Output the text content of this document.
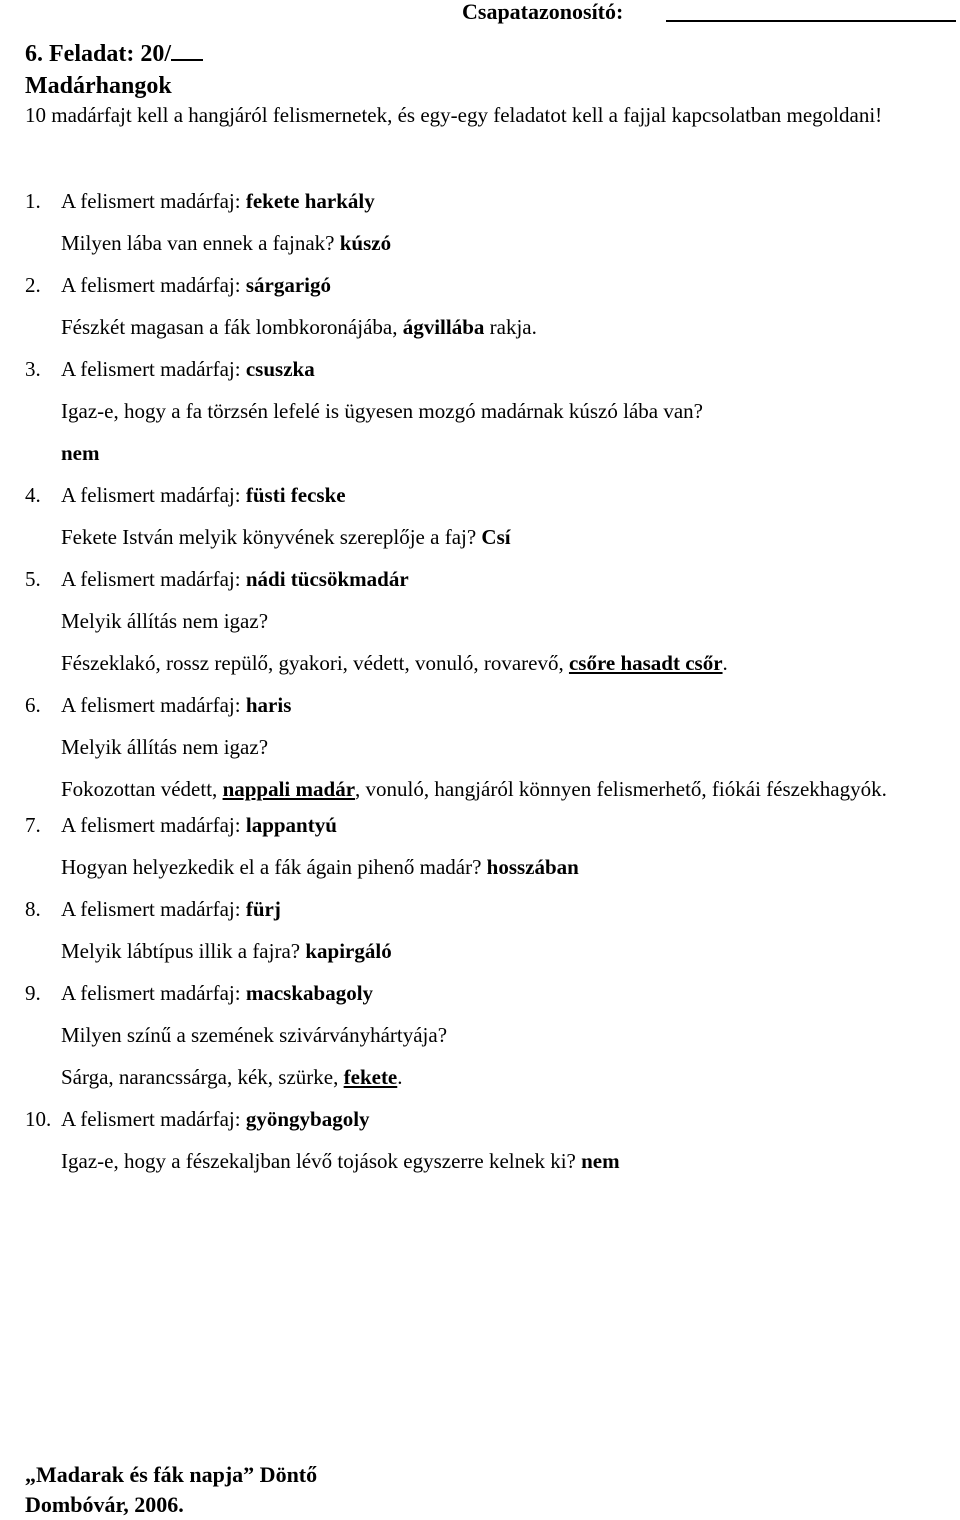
Csapatazonosító:
6. Feladat: 20/
Madárhangok
10 madárfajt kell a hangjáról felismernetek, és egy-egy feladatot kell a fajjal kapcsolatban megoldani!
1. A felismert madárfaj: fekete harkály
Milyen lába van ennek a fajnak? kúszó
2. A felismert madárfaj: sárgarigó
Fészkét magasan a fák lombkoronájába, ágvillába rakja.
3. A felismert madárfaj: csuszka
Igaz-e, hogy a fa törzsén lefelé is ügyesen mozgó madárnak kúszó lába van?
nem
4. A felismert madárfaj: füsti fecske
Fekete István melyik könyvének szereplője a faj? Csí
5. A felismert madárfaj: nádi tücsökmadár
Melyik állítás nem igaz?
Fészeklakó, rossz repülő, gyakori, védett, vonuló, rovarevő, csőre hasadt csőr.
6. A felismert madárfaj: haris
Melyik állítás nem igaz?
Fokozottan védett, nappali madár, vonuló, hangjáról könnyen felismerhető, fiókái fészekhagyók.
7. A felismert madárfaj: lappantyú
Hogyan helyezkedik el a fák ágain pihenő madár? hosszában
8. A felismert madárfaj: fürj
Melyik lábtípus illik a fajra? kapirgáló
9. A felismert madárfaj: macskabagoly
Milyen színű a szemének szivárványhártyája?
Sárga, narancssárga, kék, szürke, fekete.
10. A felismert madárfaj: gyöngybagoly
Igaz-e, hogy a fészekaljban lévő tojások egyszerre kelnek ki? nem
„Madarak és fák napja” Döntő
Dombóvár, 2006.
